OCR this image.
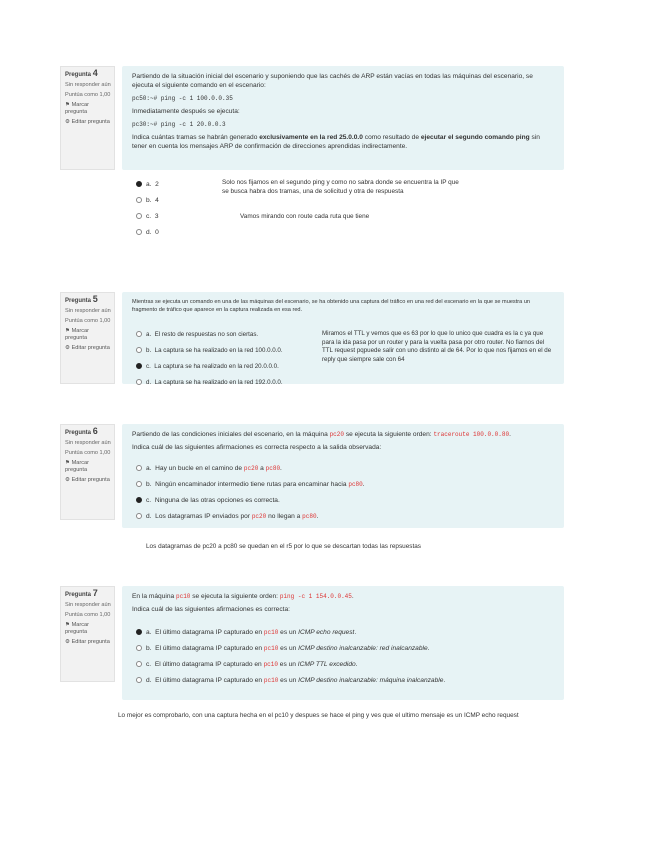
Pregunta 4
Sin responder aún
Puntúa como 1,00
⚑ Marcar pregunta
⚙ Editar pregunta

Partiendo de la situación inicial del escenario y suponiendo que las cachés de ARP están vacías en todas las máquinas del escenario, se ejecuta el siguiente comando en el escenario:

pc50:~# ping -c 1 100.0.0.35

Inmediatamente después se ejecuta:

pc30:~# ping -c 1 20.0.0.3

Indica cuántas tramas se habrán generado exclusivamente en la red 25.0.0.0 como resultado de ejecutar el segundo comando ping sin tener en cuenta los mensajes ARP de confirmación de direcciones aprendidas indirectamente.

a. 2
b. 4
c. 3
d. 0
Solo nos fijamos en el segundo ping y como no sabra donde se encuentra la IP que se busca habra dos tramas, una de solicitud y otra de respuesta
Vamos mirando con route cada ruta que tiene
Pregunta 5
Sin responder aún
Puntúa como 1,00
⚑ Marcar pregunta
⚙ Editar pregunta

Mientras se ejecuta un comando en una de las máquinas del escenario, se ha obtenido una captura del tráfico en una red del escenario en la que se muestra un fragmento de tráfico que aparece en la captura realizada en esa red.

a. El resto de respuestas no son ciertas.
b. La captura se ha realizado en la red 100.0.0.0.
c. La captura se ha realizado en la red 20.0.0.0.
d. La captura se ha realizado en la red 192.0.0.0.
Miramos el TTL y vemos que es 63 por lo que lo unico que cuadra es la c ya que para la ida pasa por un router y para la vuelta pasa por otro router. No fiarnos del TTL request pqpuede salir con uno distinto al de 64. Por lo que nos fijamos en el de reply que siempre sale con 64
Pregunta 6
Sin responder aún
Puntúa como 1,00
⚑ Marcar pregunta
⚙ Editar pregunta

Partiendo de las condiciones iniciales del escenario, en la máquina pc20 se ejecuta la siguiente orden: traceroute 100.0.0.80.

Indica cuál de las siguientes afirmaciones es correcta respecto a la salida observada:

a. Hay un bucle en el camino de pc20 a pc80.
b. Ningún encaminador intermedio tiene rutas para encaminar hacia pc80.
c. Ninguna de las otras opciones es correcta.
d. Los datagramas IP enviados por pc20 no llegan a pc80.
Los datagramas de pc20 a pc80 se quedan en el r5 por lo que se descartan todas las repsuestas
Pregunta 7
Sin responder aún
Puntúa como 1,00
⚑ Marcar pregunta
⚙ Editar pregunta

En la máquina pc10 se ejecuta la siguiente orden: ping -c 1 154.0.0.45.

Indica cuál de las siguientes afirmaciones es correcta:

a. El último datagrama IP capturado en pc10 es un ICMP echo request.
b. El último datagrama IP capturado en pc10 es un ICMP destino inalcanzable: red inalcanzable.
c. El último datagrama IP capturado en pc10 es un ICMP TTL excedido.
d. El último datagrama IP capturado en pc10 es un ICMP destino inalcanzable: máquina inalcanzable.
Lo mejor es comprobarlo, con una captura hecha en el pc10 y despues se hace el ping y ves que el ultimo mensaje es un ICMP echo request
